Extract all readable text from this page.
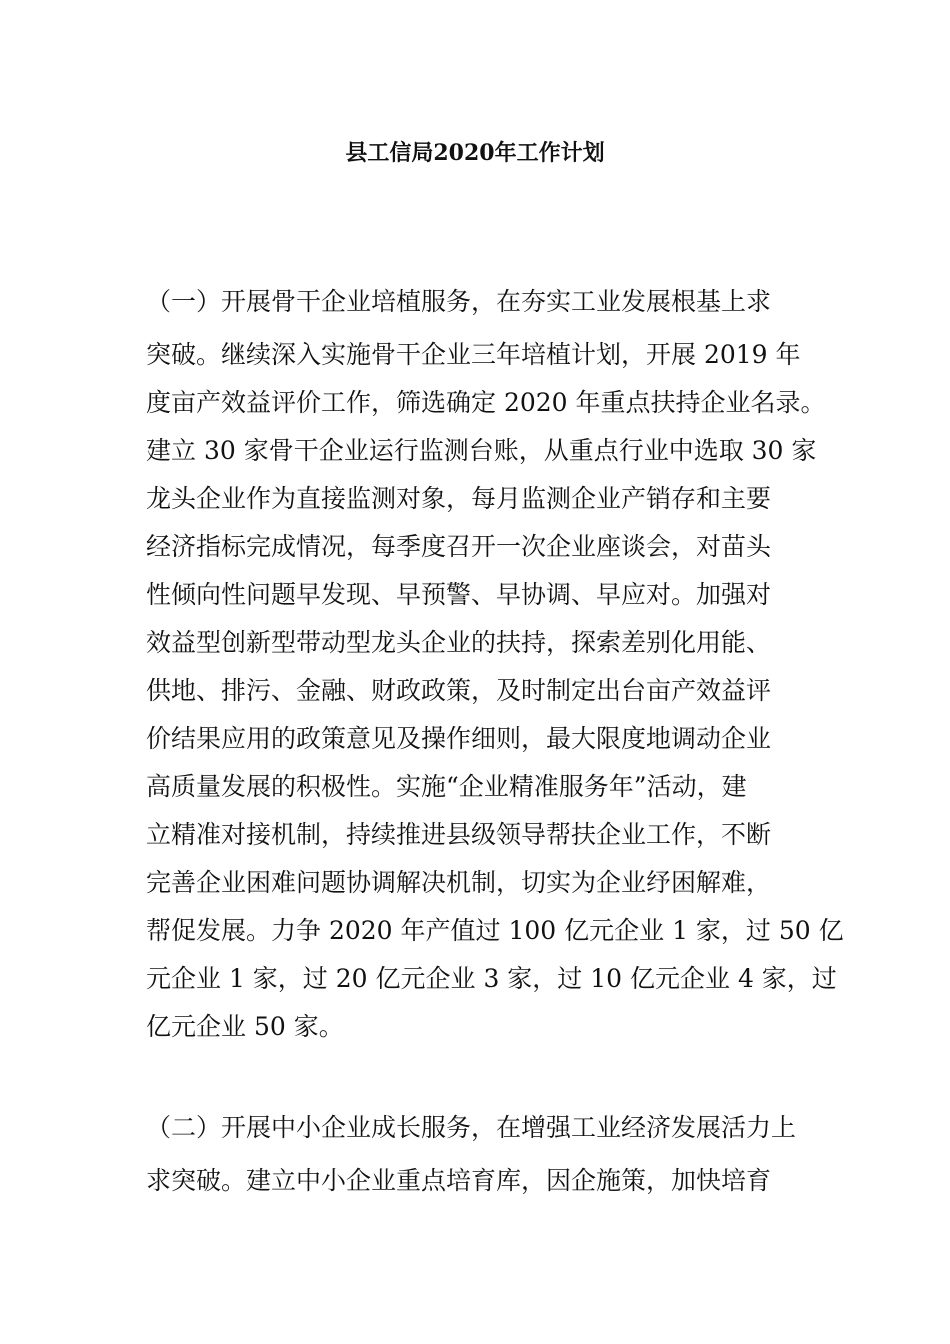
县工信局2020年工作计划
（一）开展骨干企业培植服务，在夯实工业发展根基上求
突破。继续深入实施骨干企业三年培植计划，开展 2019 年
度亩产效益评价工作，筛选确定 2020 年重点扶持企业名录。
建立 30 家骨干企业运行监测台账，从重点行业中选取 30 家
龙头企业作为直接监测对象，每月监测企业产销存和主要
经济指标完成情况，每季度召开一次企业座谈会，对苗头
性倾向性问题早发现、早预警、早协调、早应对。加强对
效益型创新型带动型龙头企业的扶持，探索差别化用能、
供地、排污、金融、财政政策，及时制定出台亩产效益评
价结果应用的政策意见及操作细则，最大限度地调动企业
高质量发展的积极性。实施“企业精准服务年”活动，建
立精准对接机制，持续推进县级领导帮扶企业工作，不断
完善企业困难问题协调解决机制，切实为企业纾困解难，
帮促发展。力争 2020 年产值过 100 亿元企业 1 家，过 50 亿
元企业 1 家，过 20 亿元企业 3 家，过 10 亿元企业 4 家，过
亿元企业 50 家。
（二）开展中小企业成长服务，在增强工业经济发展活力上
求突破。建立中小企业重点培育库，因企施策，加快培育
